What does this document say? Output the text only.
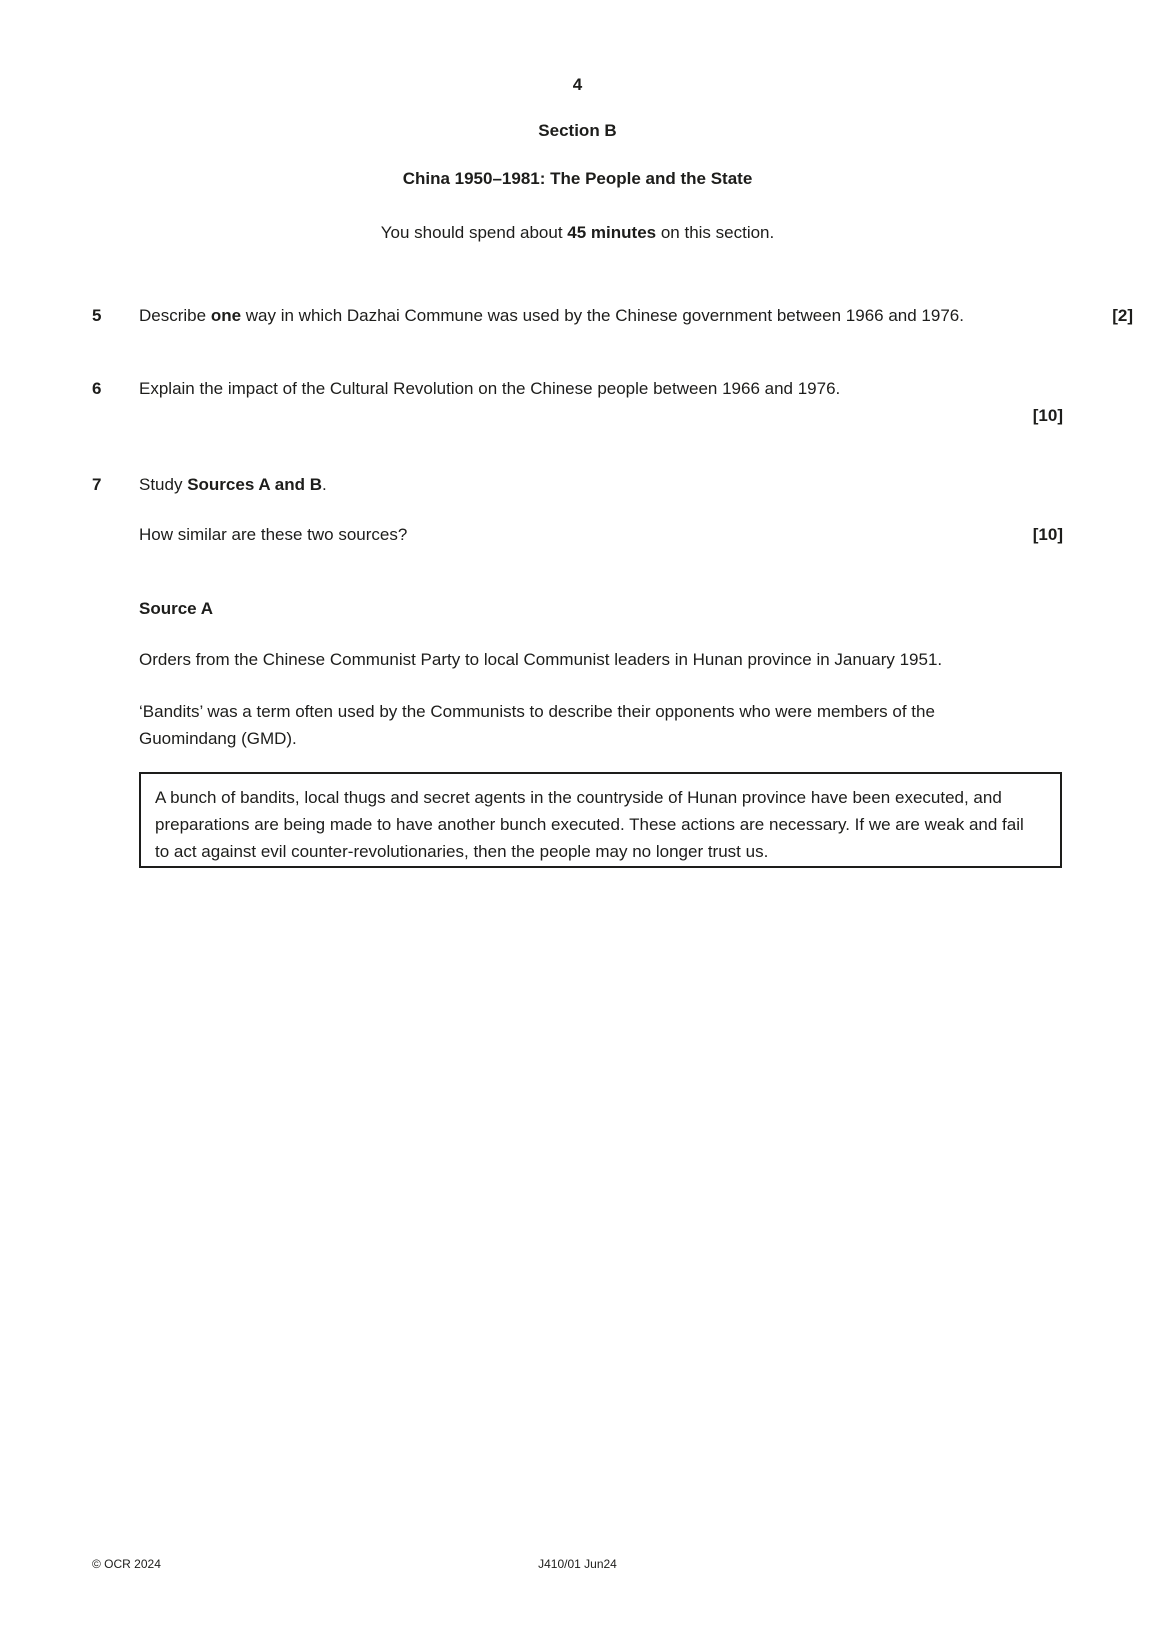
4
Section B
China 1950–1981: The People and the State
You should spend about 45 minutes on this section.
5 Describe one way in which Dazhai Commune was used by the Chinese government between 1966 and 1976.	[2]
6 Explain the impact of the Cultural Revolution on the Chinese people between 1966 and 1976.
[10]
7 Study Sources A and B.
How similar are these two sources?	[10]
Source A
Orders from the Chinese Communist Party to local Communist leaders in Hunan province in January 1951.
‘Bandits’ was a term often used by the Communists to describe their opponents who were members of the Guomindang (GMD).
A bunch of bandits, local thugs and secret agents in the countryside of Hunan province have been executed, and preparations are being made to have another bunch executed. These actions are necessary. If we are weak and fail to act against evil counter-revolutionaries, then the people may no longer trust us.
© OCR 2024	J410/01 Jun24
